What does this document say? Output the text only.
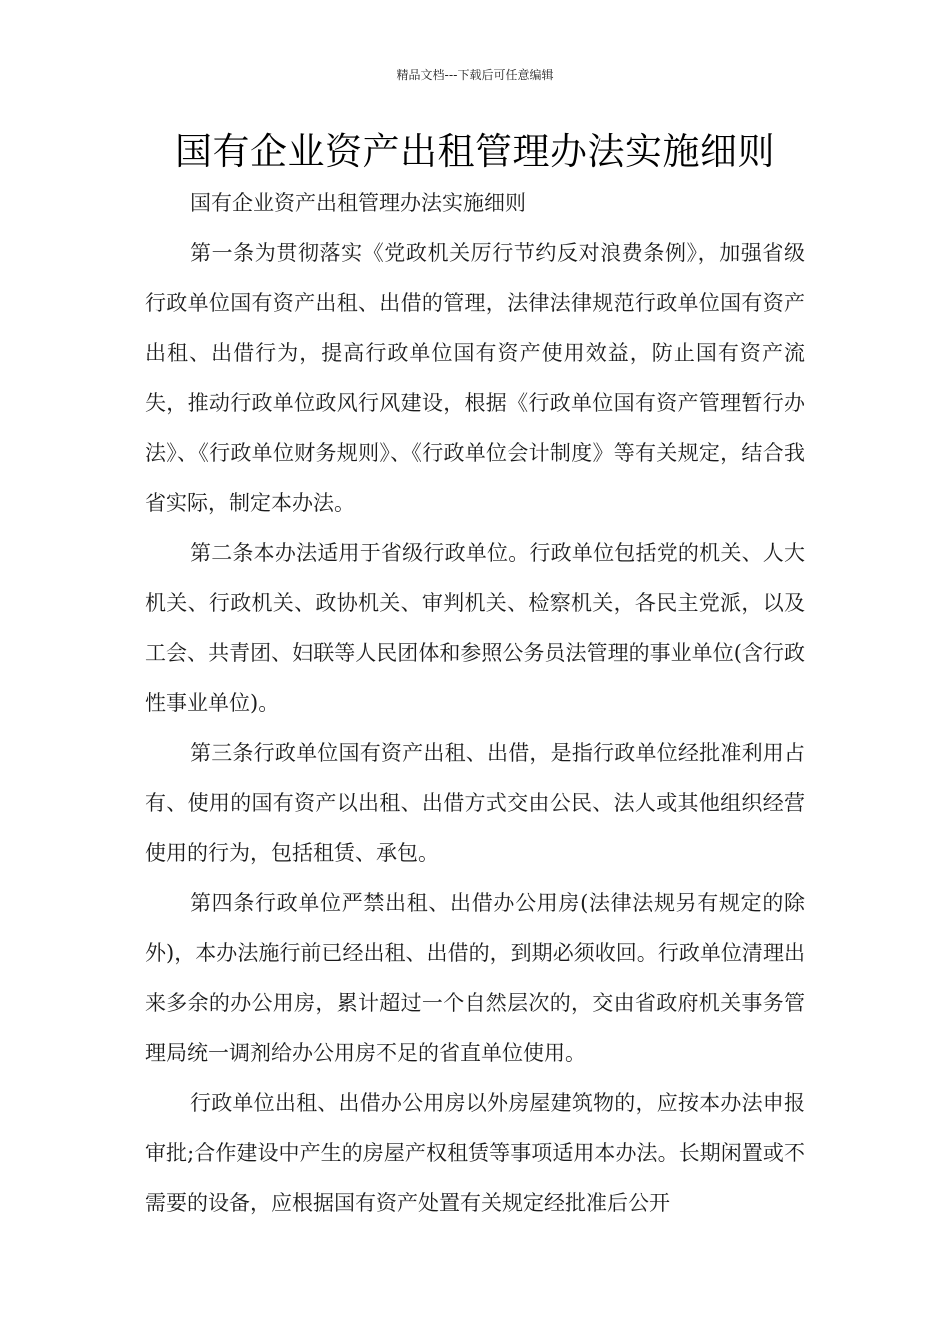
精品文档---下载后可任意编辑
国有企业资产出租管理办法实施细则

国有企业资产出租管理办法实施细则

第一条为贯彻落实《党政机关厉行节约反对浪费条例》，加强省级行政单位国有资产出租、出借的管理，法律法律规范行政单位国有资产出租、出借行为，提高行政单位国有资产使用效益，防止国有资产流失，推动行政单位政风行风建设，根据《行政单位国有资产管理暂行办法》、《行政单位财务规则》、《行政单位会计制度》等有关规定，结合我省实际，制定本办法。

第二条本办法适用于省级行政单位。行政单位包括党的机关、人大机关、行政机关、政协机关、审判机关、检察机关，各民主党派，以及工会、共青团、妇联等人民团体和参照公务员法管理的事业单位(含行政性事业单位)。

第三条行政单位国有资产出租、出借，是指行政单位经批准利用占有、使用的国有资产以出租、出借方式交由公民、法人或其他组织经营使用的行为，包括租赁、承包。

第四条行政单位严禁出租、出借办公用房(法律法规另有规定的除外)，本办法施行前已经出租、出借的，到期必须收回。行政单位清理出来多余的办公用房，累计超过一个自然层次的，交由省政府机关事务管理局统一调剂给办公用房不足的省直单位使用。

行政单位出租、出借办公用房以外房屋建筑物的，应按本办法申报审批;合作建设中产生的房屋产权租赁等事项适用本办法。长期闲置或不需要的设备，应根据国有资产处置有关规定经批准后公开
